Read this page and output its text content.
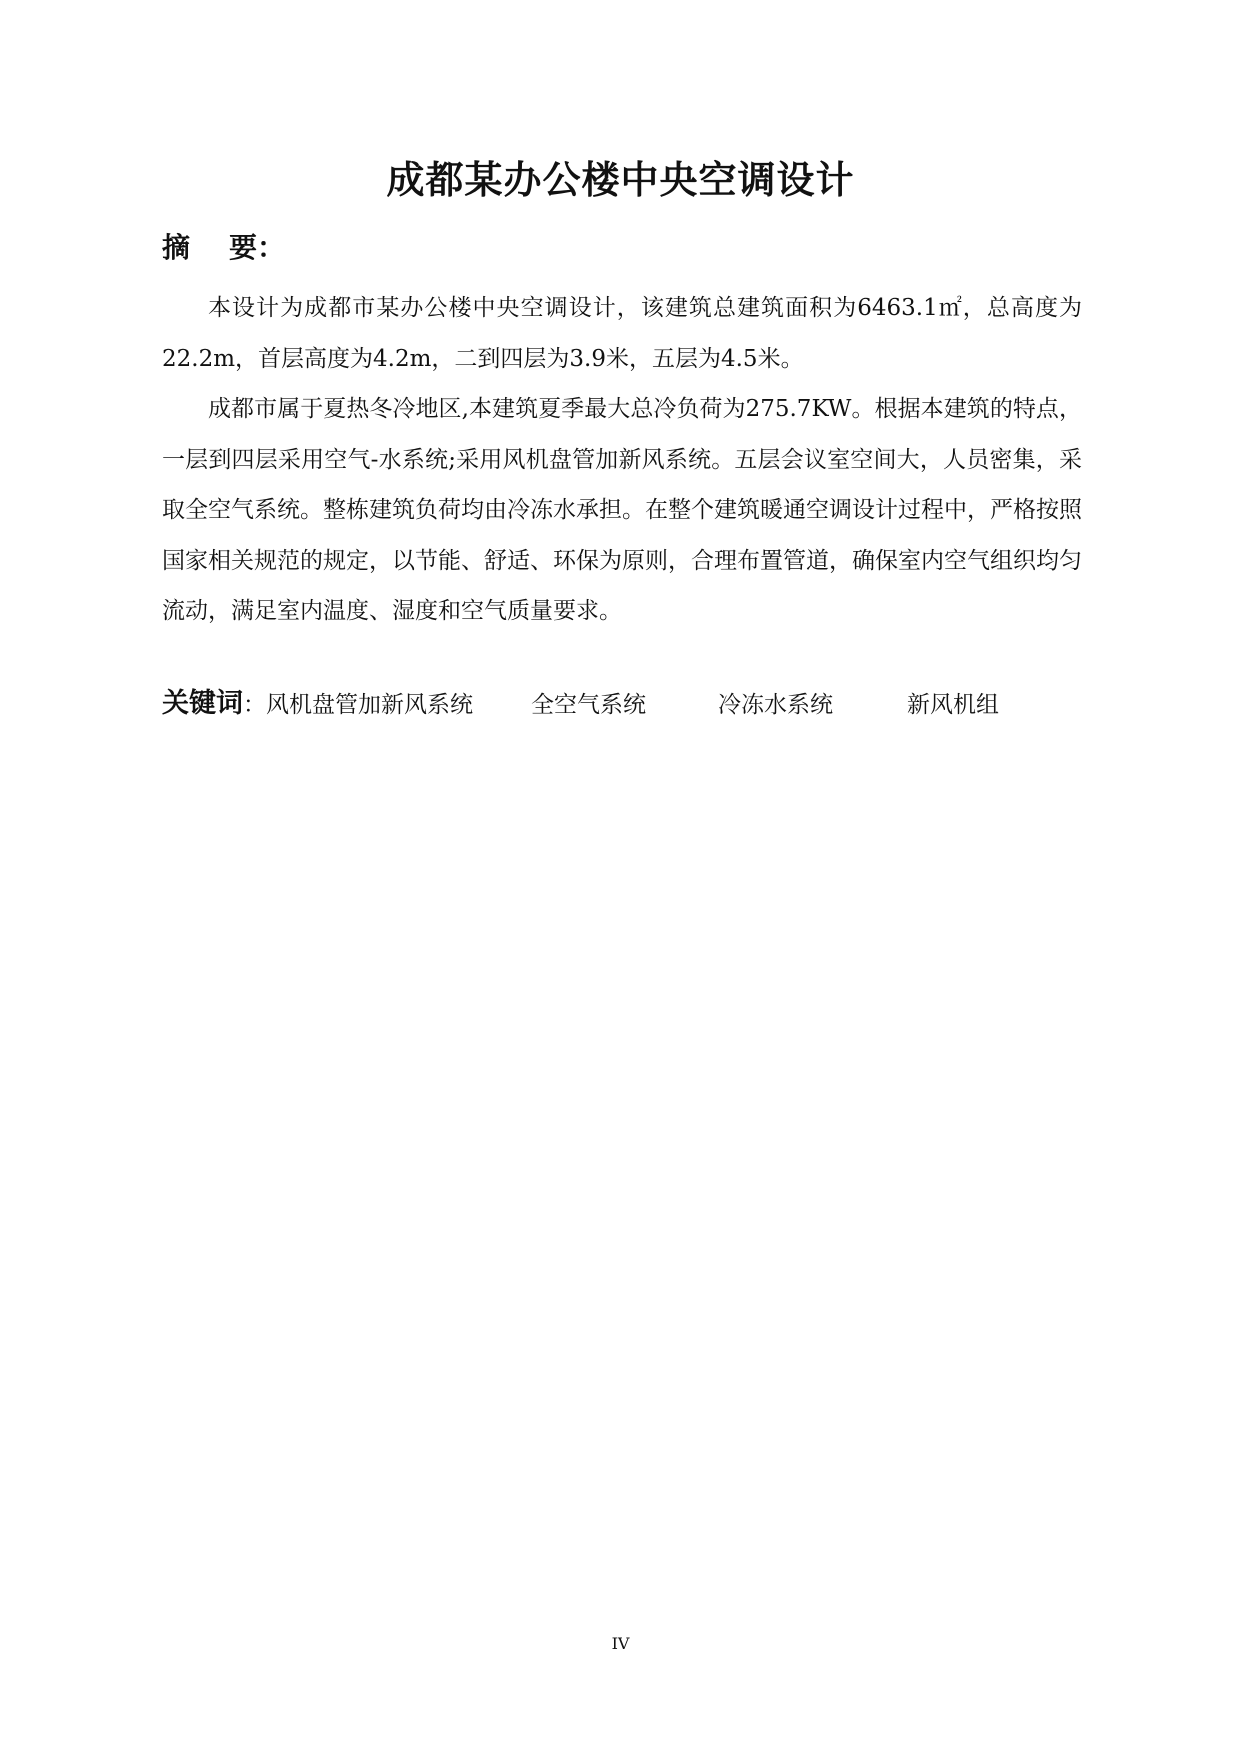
成都某办公楼中央空调设计
摘    要：

本设计为成都市某办公楼中央空调设计，该建筑总建筑面积为6463.1㎡，总高度为22.2m，首层高度为4.2m，二到四层为3.9米，五层为4.5米。

成都市属于夏热冬冷地区,本建筑夏季最大总冷负荷为275.7KW。根据本建筑的特点，一层到四层采用空气-水系统;采用风机盘管加新风系统。五层会议室空间大，人员密集，采取全空气系统。整栋建筑负荷均由冷冻水承担。在整个建筑暖通空调设计过程中，严格按照国家相关规范的规定，以节能、舒适、环保为原则，合理布置管道，确保室内空气组织均匀流动，满足室内温度、湿度和空气质量要求。

关键词：风机盘管加新风系统	全空气系统	冷冻水系统	新风机组
IV
